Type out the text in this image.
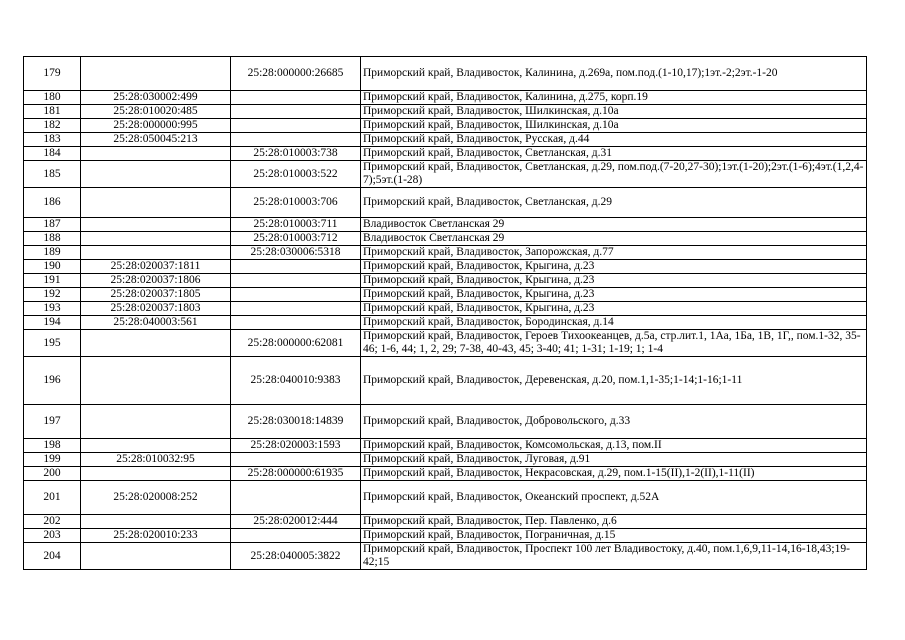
179		25:28:000000:26685	Приморский край, Владивосток, Калинина, д.269а, пом.под.(1-10,17);1эт.-2;2эт.-1-20
180	25:28:030002:499		Приморский край, Владивосток, Калинина, д.275, корп.19
181	25:28:010020:485		Приморский край, Владивосток, Шилкинская, д.10а
182	25:28:000000:995		Приморский край, Владивосток, Шилкинская, д.10а
183	25:28:050045:213		Приморский край, Владивосток, Русская, д.44
184		25:28:010003:738	Приморский край, Владивосток, Светланская, д.31
185		25:28:010003:522	Приморский край, Владивосток, Светланская, д.29, пом.под.(7-20,27-30);1эт.(1-20);2эт.(1-6);4эт.(1,2,4-7);5эт.(1-28)
186		25:28:010003:706	Приморский край, Владивосток, Светланская, д.29
187		25:28:010003:711	Владивосток Светланская 29
188		25:28:010003:712	Владивосток Светланская 29
189		25:28:030006:5318	Приморский край, Владивосток, Запорожская, д.77
190	25:28:020037:1811		Приморский край, Владивосток, Крыгина, д.23
191	25:28:020037:1806		Приморский край, Владивосток, Крыгина, д.23
192	25:28:020037:1805		Приморский край, Владивосток, Крыгина, д.23
193	25:28:020037:1803		Приморский край, Владивосток, Крыгина, д.23
194	25:28:040003:561		Приморский край, Владивосток, Бородинская, д.14
195		25:28:000000:62081	Приморский край, Владивосток, Героев Тихоокеанцев, д.5а, стр.лит.1, 1Аа, 1Ба, 1В, 1Г,, пом.1-32, 35-46; 1-6, 44; 1, 2, 29; 7-38, 40-43, 45; 3-40; 41; 1-31; 1-19; 1; 1-4
196		25:28:040010:9383	Приморский край, Владивосток, Деревенская, д.20, пом.1,1-35;1-14;1-16;1-11
197		25:28:030018:14839	Приморский край, Владивосток, Добровольского, д.33
198		25:28:020003:1593	Приморский край, Владивосток, Комсомольская, д.13, пом.II
199	25:28:010032:95		Приморский край, Владивосток, Луговая, д.91
200		25:28:000000:61935	Приморский край, Владивосток, Некрасовская, д.29, пом.1-15(II),1-2(II),1-11(II)
201	25:28:020008:252		Приморский край, Владивосток, Океанский проспект, д.52А
202		25:28:020012:444	Приморский край, Владивосток, Пер. Павленко, д.6
203	25:28:020010:233		Приморский край, Владивосток, Пограничная, д.15
204		25:28:040005:3822	Приморский край, Владивосток, Проспект 100 лет Владивостоку, д.40, пом.1,6,9,11-14,16-18,43;19-42;15
